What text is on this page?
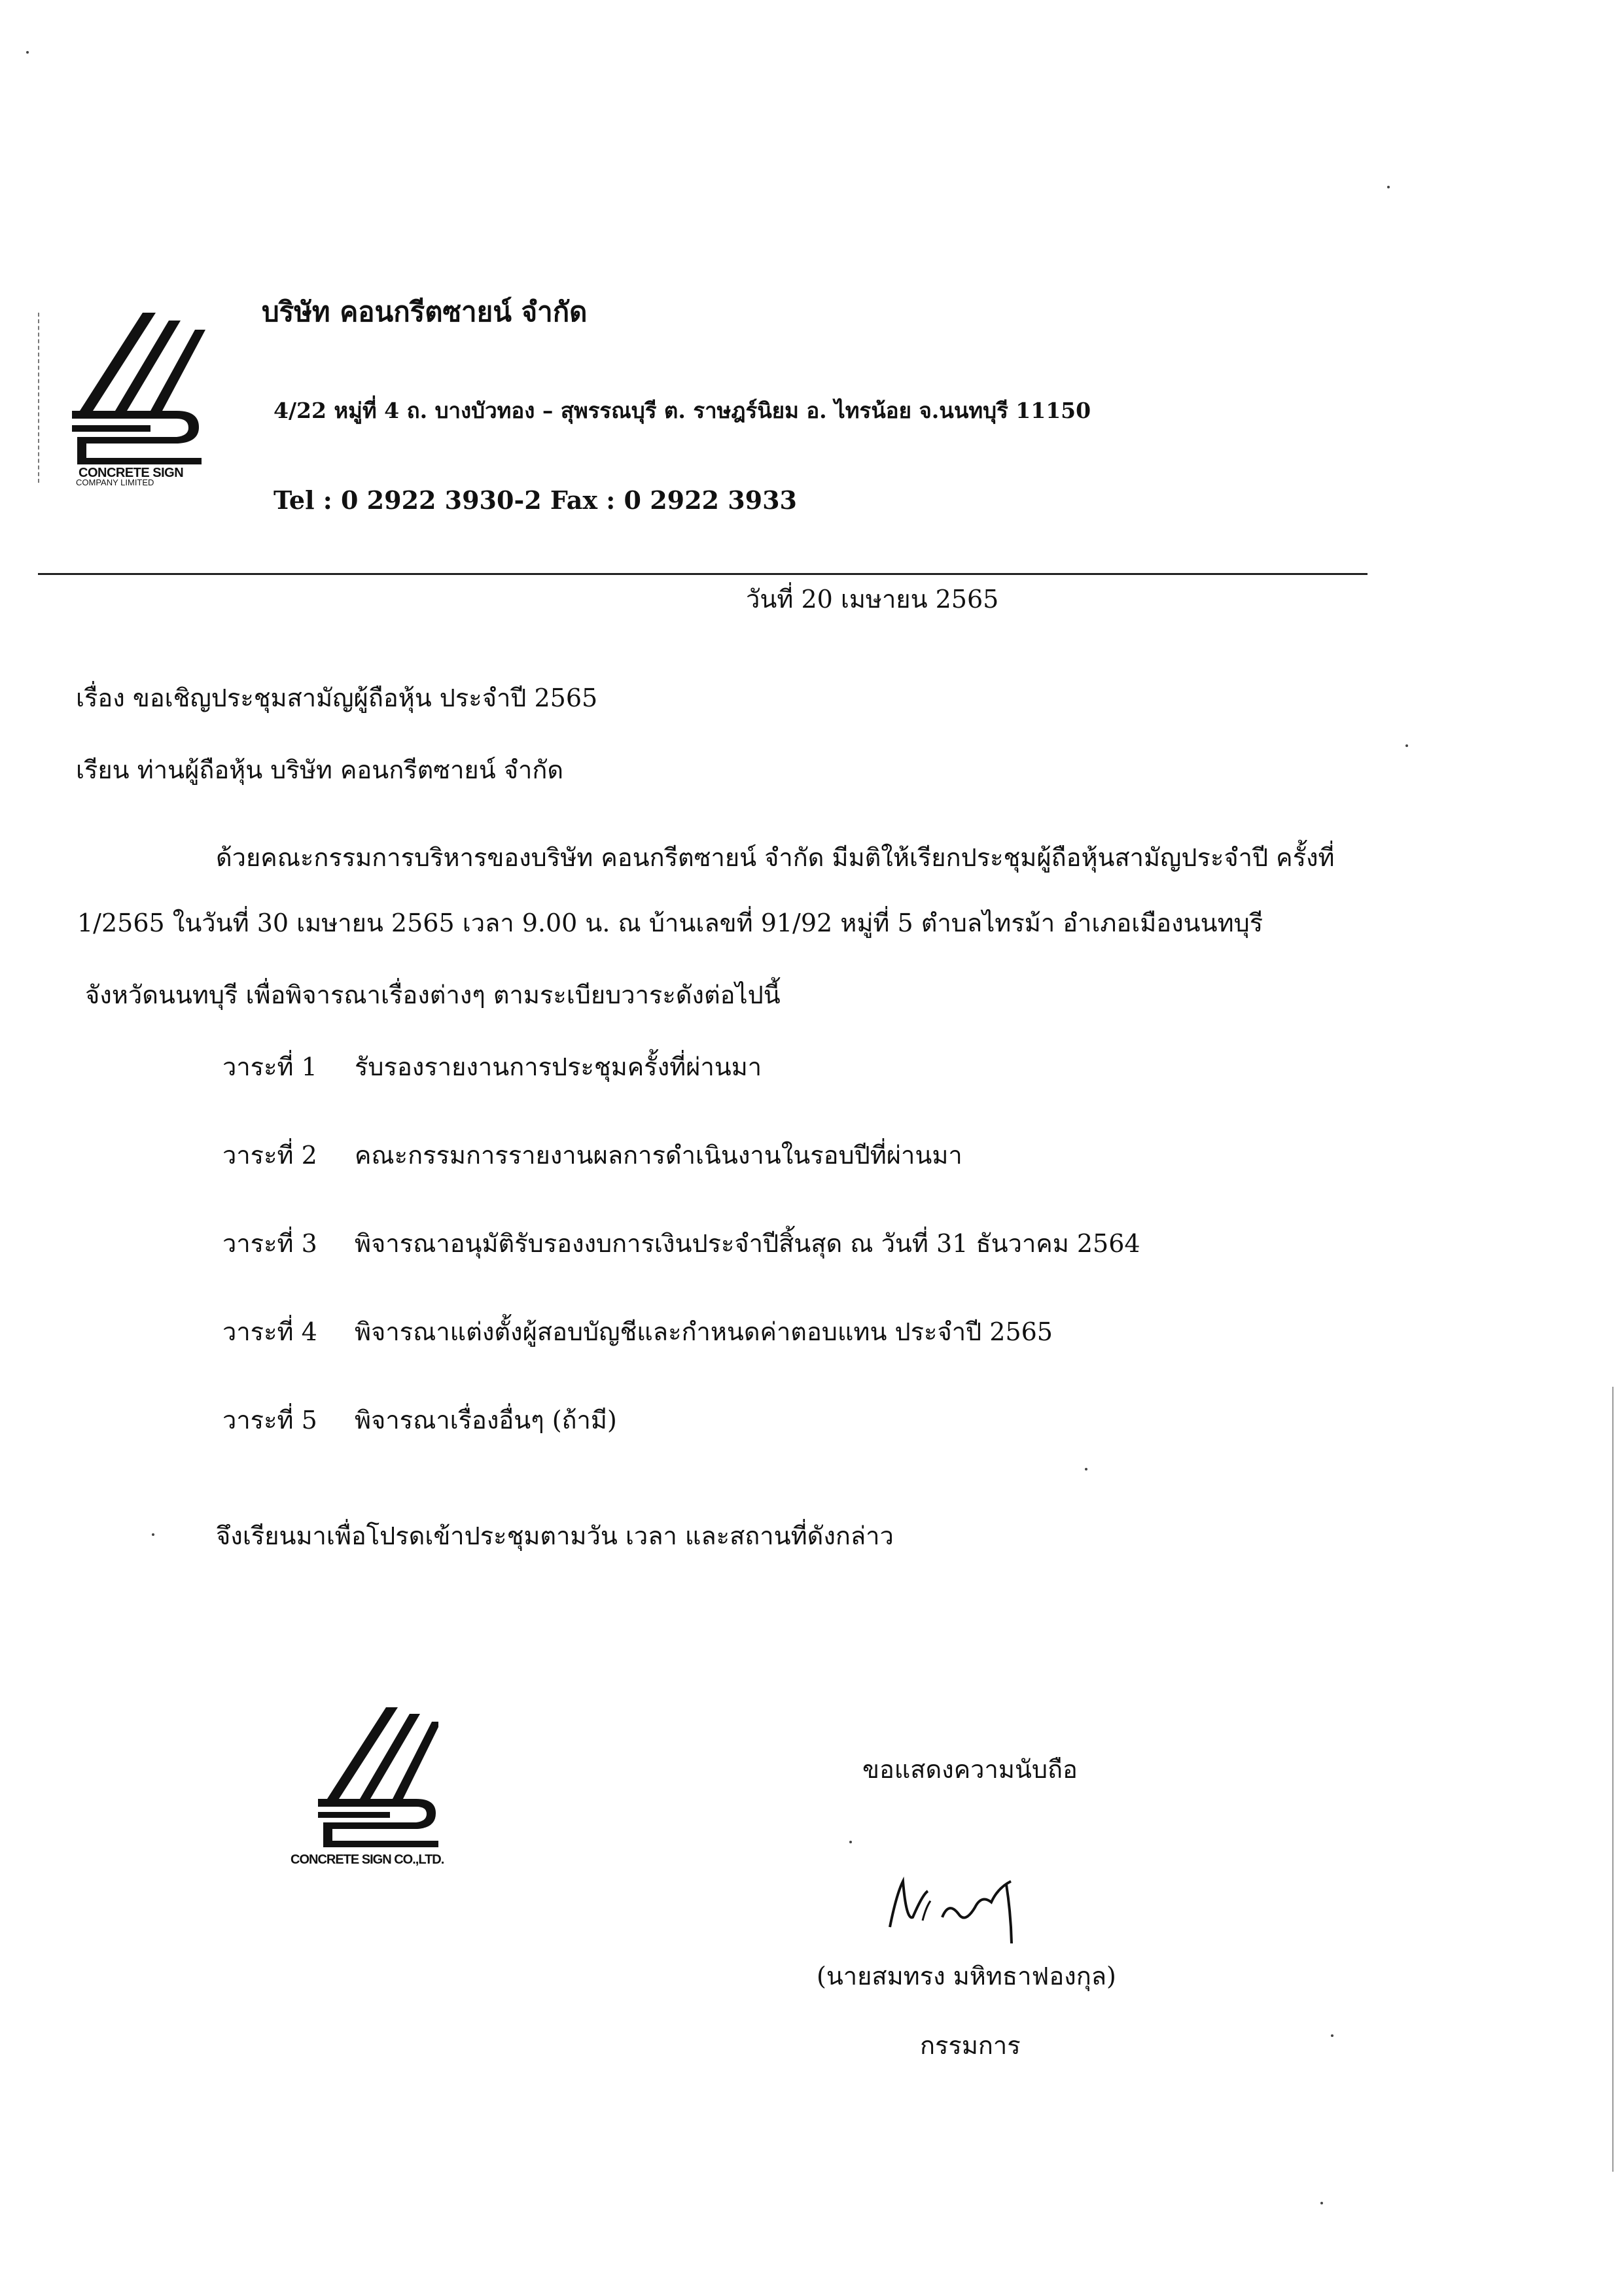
CONCRETE SIGN
COMPANY LIMITED
บริษัท คอนกรีตซายน์ จำกัด
4/22 หมู่ที่ 4 ถ. บางบัวทอง – สุพรรณบุรี ต. ราษฎร์นิยม อ. ไทรน้อย จ.นนทบุรี 11150
Tel : 0 2922 3930-2 Fax : 0 2922 3933
วันที่ 20 เมษายน 2565
เรื่อง ขอเชิญประชุมสามัญผู้ถือหุ้น ประจำปี 2565
เรียน ท่านผู้ถือหุ้น บริษัท คอนกรีตซายน์ จำกัด
ด้วยคณะกรรมการบริหารของบริษัท คอนกรีตซายน์ จำกัด มีมติให้เรียกประชุมผู้ถือหุ้นสามัญประจำปี ครั้งที่
1/2565 ในวันที่ 30 เมษายน 2565 เวลา 9.00 น. ณ บ้านเลขที่ 91/92 หมู่ที่ 5 ตำบลไทรม้า อำเภอเมืองนนทบุรี
จังหวัดนนทบุรี เพื่อพิจารณาเรื่องต่างๆ ตามระเบียบวาระดังต่อไปนี้
วาระที่ 1 รับรองรายงานการประชุมครั้งที่ผ่านมา
วาระที่ 2 คณะกรรมการรายงานผลการดำเนินงานในรอบปีที่ผ่านมา
วาระที่ 3 พิจารณาอนุมัติรับรองงบการเงินประจำปีสิ้นสุด ณ วันที่ 31 ธันวาคม 2564
วาระที่ 4 พิจารณาแต่งตั้งผู้สอบบัญชีและกำหนดค่าตอบแทน ประจำปี 2565
วาระที่ 5 พิจารณาเรื่องอื่นๆ (ถ้ามี)
จึงเรียนมาเพื่อโปรดเข้าประชุมตามวัน เวลา และสถานที่ดังกล่าว
CONCRETE SIGN CO.,LTD.
ขอแสดงความนับถือ
(นายสมทรง มหิทธาฟองกุล)
กรรมการ
